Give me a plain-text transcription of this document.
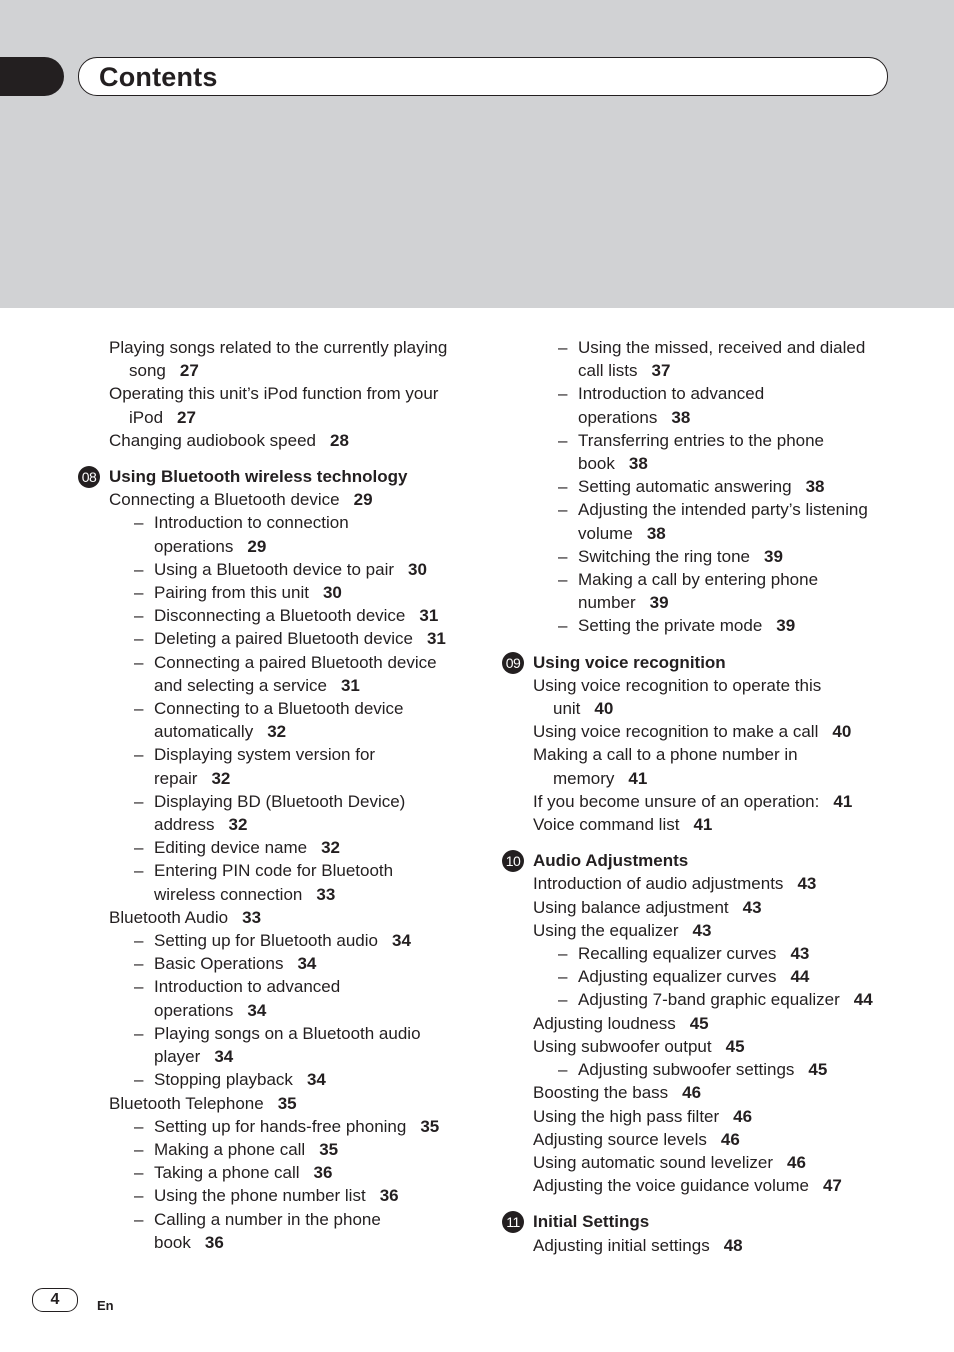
Contents
Playing songs related to the currently playing
song 27
Operating this unit’s iPod function from your
iPod 27
Changing audiobook speed 28
08 Using Bluetooth wireless technology
Connecting a Bluetooth device 29
– Introduction to connection
operations 29
– Using a Bluetooth device to pair 30
– Pairing from this unit 30
– Disconnecting a Bluetooth device 31
– Deleting a paired Bluetooth device 31
– Connecting a paired Bluetooth device
and selecting a service 31
– Connecting to a Bluetooth device
automatically 32
– Displaying system version for
repair 32
– Displaying BD (Bluetooth Device)
address 32
– Editing device name 32
– Entering PIN code for Bluetooth
wireless connection 33
Bluetooth Audio 33
– Setting up for Bluetooth audio 34
– Basic Operations 34
– Introduction to advanced
operations 34
– Playing songs on a Bluetooth audio
player 34
– Stopping playback 34
Bluetooth Telephone 35
– Setting up for hands-free phoning 35
– Making a phone call 35
– Taking a phone call 36
– Using the phone number list 36
– Calling a number in the phone
book 36
– Using the missed, received and dialed
call lists 37
– Introduction to advanced
operations 38
– Transferring entries to the phone
book 38
– Setting automatic answering 38
– Adjusting the intended party’s listening
volume 38
– Switching the ring tone 39
– Making a call by entering phone
number 39
– Setting the private mode 39
09 Using voice recognition
Using voice recognition to operate this
unit 40
Using voice recognition to make a call 40
Making a call to a phone number in
memory 41
If you become unsure of an operation: 41
Voice command list 41
10 Audio Adjustments
Introduction of audio adjustments 43
Using balance adjustment 43
Using the equalizer 43
– Recalling equalizer curves 43
– Adjusting equalizer curves 44
– Adjusting 7-band graphic equalizer 44
Adjusting loudness 45
Using subwoofer output 45
– Adjusting subwoofer settings 45
Boosting the bass 46
Using the high pass filter 46
Adjusting source levels 46
Using automatic sound levelizer 46
Adjusting the voice guidance volume 47
11 Initial Settings
Adjusting initial settings 48
4	En
